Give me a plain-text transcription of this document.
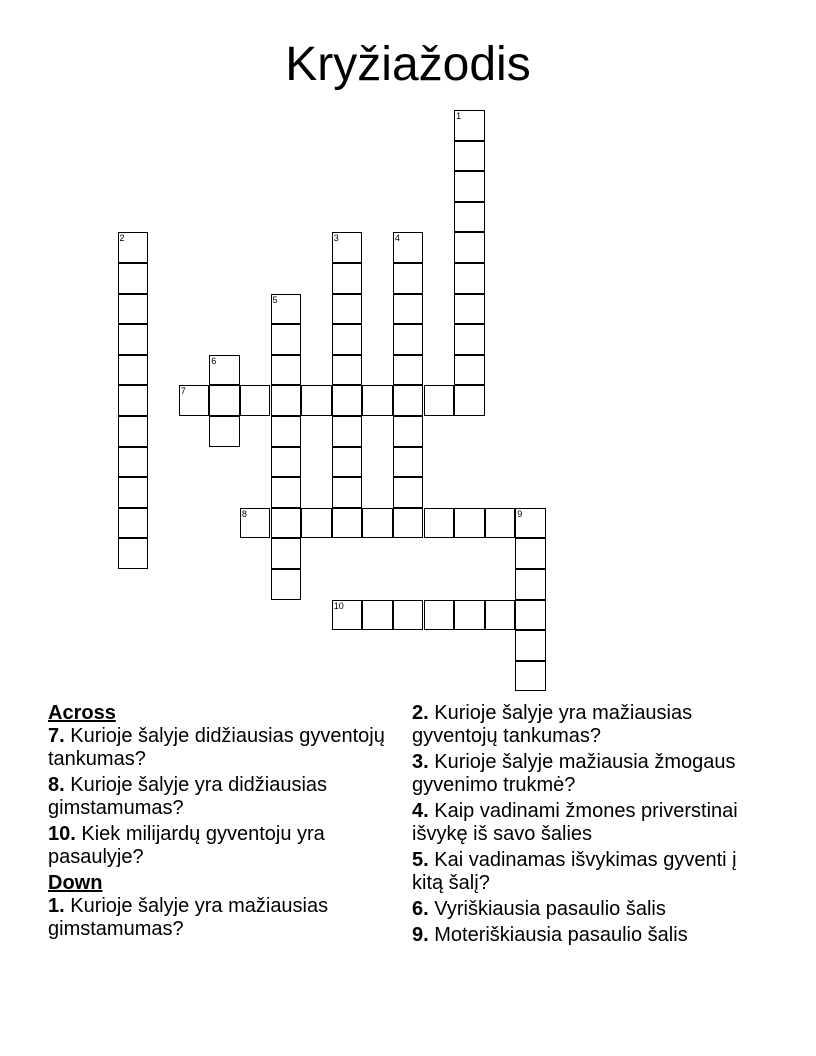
Kryžiažodis
1
2	3	4
5
6
7
8	9
10
Across
7. Kurioje šalyje didžiausias gyventojų tankumas?
8. Kurioje šalyje yra didžiausias gimstamumas?
10. Kiek milijardų gyventoju yra pasaulyje?
Down
1. Kurioje šalyje yra mažiausias gimstamumas?
2. Kurioje šalyje yra mažiausias gyventojų tankumas?
3. Kurioje šalyje mažiausia žmogaus gyvenimo trukmė?
4. Kaip vadinami žmones priverstinai išvykę iš savo šalies
5. Kai vadinamas išvykimas gyventi į kitą šalį?
6. Vyriškiausia pasaulio šalis
9. Moteriškiausia pasaulio šalis
